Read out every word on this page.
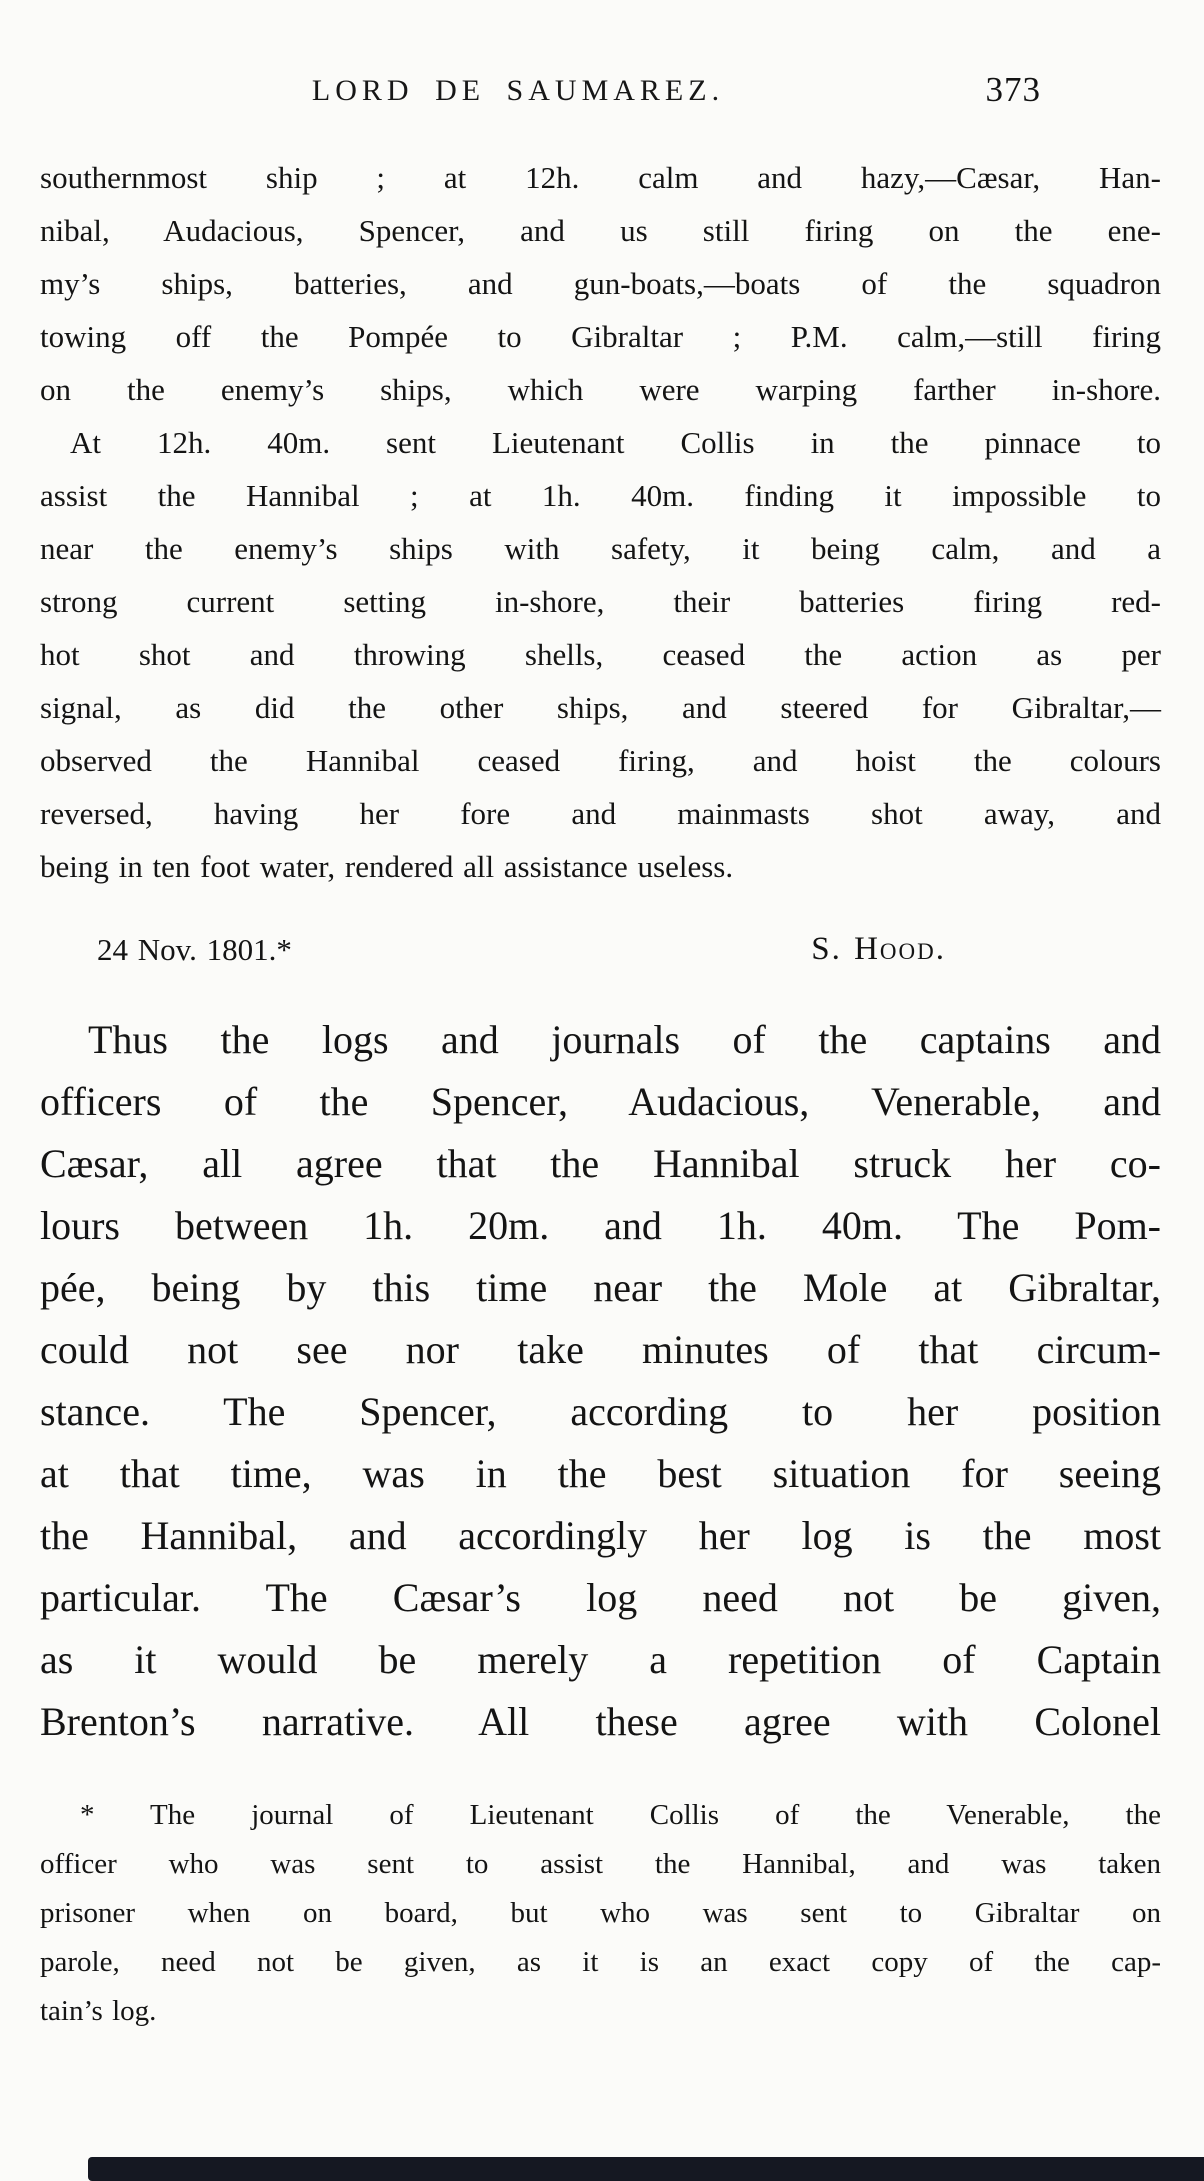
LORD DE SAUMAREZ.	373
southernmost ship ; at 12h. calm and hazy,—Cæsar, Han-
nibal, Audacious, Spencer, and us still firing on the ene-
my’s ships, batteries, and gun-boats,—boats of the squadron
towing off the Pompée to Gibraltar ; P.M. calm,—still firing
on the enemy’s ships, which were warping farther in-shore.
At 12h. 40m. sent Lieutenant Collis in the pinnace to
assist the Hannibal ; at 1h. 40m. finding it impossible to
near the enemy’s ships with safety, it being calm, and a
strong current setting in-shore, their batteries firing red-
hot shot and throwing shells, ceased the action as per
signal, as did the other ships, and steered for Gibraltar,—
observed the Hannibal ceased firing, and hoist the colours
reversed, having her fore and mainmasts shot away, and
being in ten foot water, rendered all assistance useless.
24 Nov. 1801.*	S. Hood.
Thus the logs and journals of the captains and
officers of the Spencer, Audacious, Venerable, and
Cæsar, all agree that the Hannibal struck her co-
lours between 1h. 20m. and 1h. 40m. The Pom-
pée, being by this time near the Mole at Gibraltar,
could not see nor take minutes of that circum-
stance. The Spencer, according to her position
at that time, was in the best situation for seeing
the Hannibal, and accordingly her log is the most
particular. The Cæsar’s log need not be given,
as it would be merely a repetition of Captain
Brenton’s narrative. All these agree with Colonel
* The journal of Lieutenant Collis of the Venerable, the
officer who was sent to assist the Hannibal, and was taken
prisoner when on board, but who was sent to Gibraltar on
parole, need not be given, as it is an exact copy of the cap-
tain’s log.
